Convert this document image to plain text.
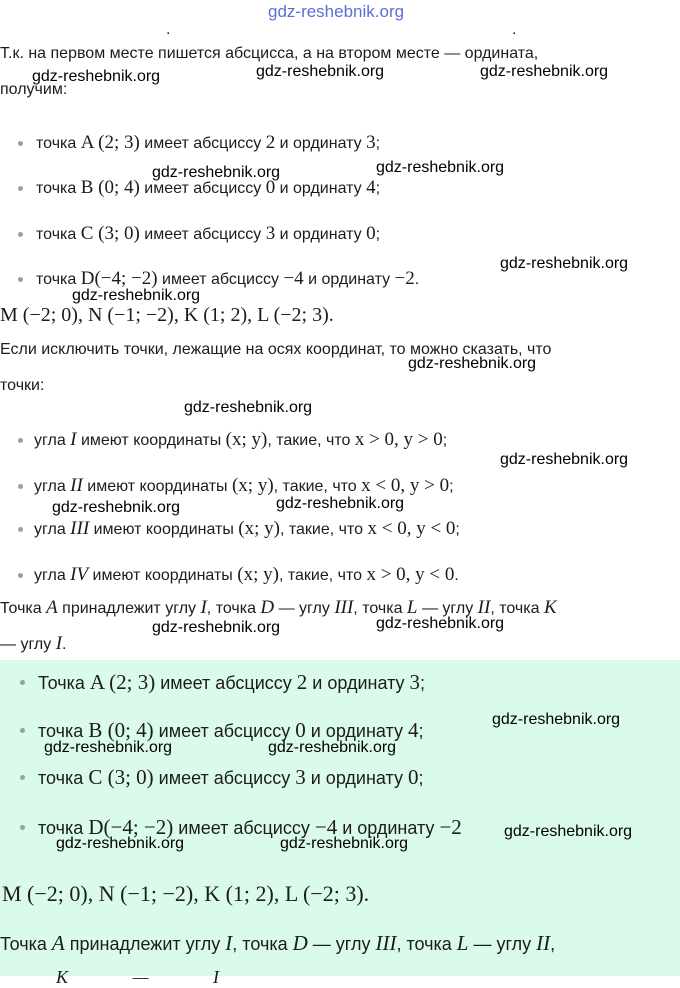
gdz-reshebnik.org
.	.
Т.к. на первом месте пишется абсцисса, а на втором месте — ордината,
получим:
точка A (2; 3) имеет абсциссу 2 и ординату 3;
точка B (0; 4) имеет абсциссу 0 и ординату 4;
точка C (3; 0) имеет абсциссу 3 и ординату 0;
точка D(−4; −2) имеет абсциссу −4 и ординату −2.
M (−2; 0), N (−1; −2), K (1; 2), L (−2; 3).
Если исключить точки, лежащие на осях координат, то можно сказать, что
точки:
угла I имеют координаты (x; y), такие, что x > 0, y > 0;
угла II имеют координаты (x; y), такие, что x < 0, y > 0;
угла III имеют координаты (x; y), такие, что x < 0, y < 0;
угла IV имеют координаты (x; y), такие, что x > 0, y < 0.
Точка A принадлежит углу I, точка D — углу III, точка L — углу II, точка K
— углу I.
Точка A (2; 3) имеет абсциссу 2 и ординату 3;
точка B (0; 4) имеет абсциссу 0 и ординату 4;
точка C (3; 0) имеет абсциссу 3 и ординату 0;
точка D(−4; −2) имеет абсциссу −4 и ординату −2
M (−2; 0), N (−1; −2), K (1; 2), L (−2; 3).
Точка A принадлежит углу I, точка D — углу III, точка L — углу II,
K — I
gdz-reshebnik.org	gdz-reshebnik.org	gdz-reshebnik.org
gdz-reshebnik.org	gdz-reshebnik.org
gdz-reshebnik.org
gdz-reshebnik.org
gdz-reshebnik.org
gdz-reshebnik.org
gdz-reshebnik.org
gdz-reshebnik.org	gdz-reshebnik.org
gdz-reshebnik.org	gdz-reshebnik.org
gdz-reshebnik.org
gdz-reshebnik.org	gdz-reshebnik.org
gdz-reshebnik.org
gdz-reshebnik.org	gdz-reshebnik.org
